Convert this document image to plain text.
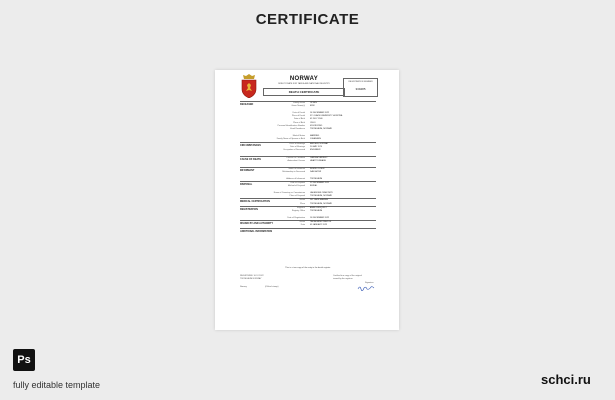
CERTIFICATE
NORWAY
DIRECTORATE FOR TAXES AND NATIONAL REGISTRY
DEATH CERTIFICATE
REGISTRATION NUMBER
339485
DECEASED	Family Name	OLSEN
Given Name(s)	ERIK
Date of Death	14 DECEMBER 2022
Place of Death	ST. OLAVS UNIVERSITY HOSPITAL
Date of Birth	02 JULY 1946
Place of Birth	OSLO
Personal Identification Number	02074612345
Usual Residence	TRONDHEIM, NORWAY
Marital Status	MARRIED
Family Name of Spouse at Birth	JOHANSEN
CIRCUMSTANCES	Place of Marriage	BERGEN, NORWAY
Date of Marriage	20 MAY 1970
Occupation of Deceased	ENGINEER
CAUSE OF DEATH	Disease or Condition	CARDIAC ARREST
Antecedent Causes	HEART DISEASE
INFORMANT	Name of Informant	INGRID OLSEN
Relationship to Deceased	DAUGHTER
Address of Informant	TRONDHEIM
DISPOSAL	Date of Disposal	22 DECEMBER 2022
Method of Disposal	BURIAL
Name of Cemetery or Crematorium	LADEMOEN CEMETERY
Place of Disposal	TRONDHEIM, NORWAY
MEDICAL CERTIFICATION	Name	DR. LARS HANSEN
Place	TRONDHEIM, NORWAY
REGISTRATION	Registrar	ANNE LINDQVIST
Registry Office	TRONDHEIM
Date of Registration	16 DECEMBER 2022
ISSUED BY AND AUTHORITY	Name	TAX ADMINISTRATION
Date	03 JANUARY 2023
ADDITIONAL INFORMATION
This is a true copy of the entry in the death register.
REGISTERED 16.12.2022
TRONDHEIM NORWAY
Certified true copy of the original
issued by the registrar
Norway	(Official stamp)
Signature
Ps
fully editable template	schci.ru
